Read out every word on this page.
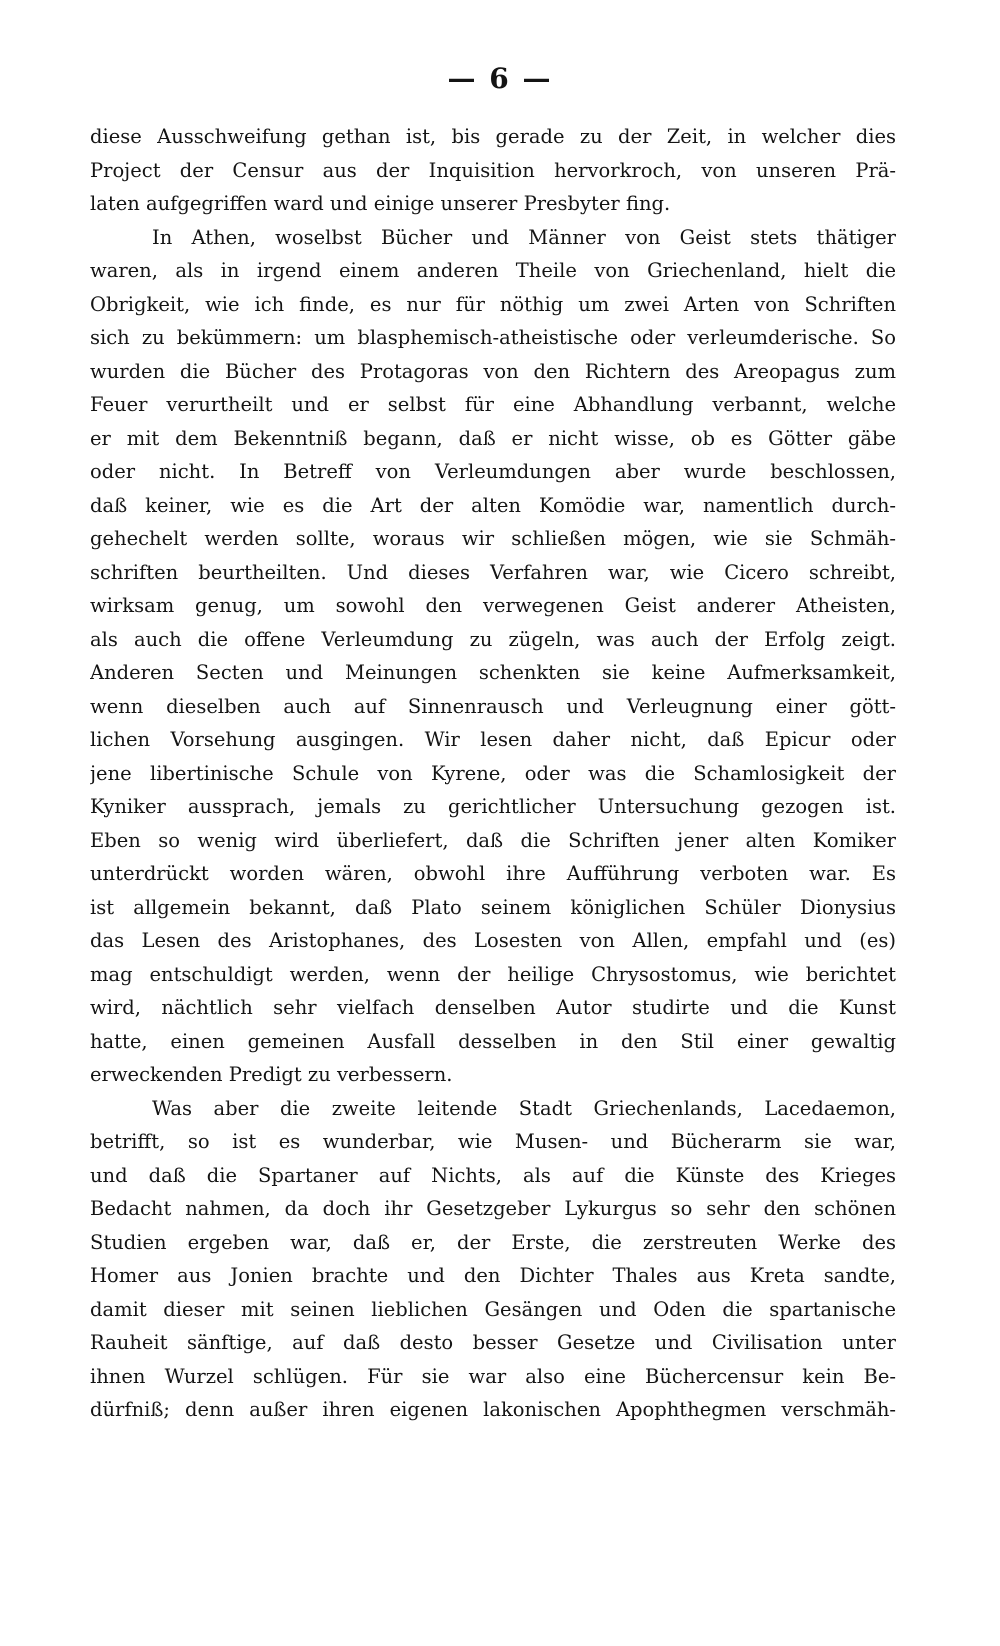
— 6 —
diese Ausschweifung gethan ist, bis gerade zu der Zeit, in welcher dies
Project der Censur aus der Inquisition hervorkroch, von unseren Prä-
laten aufgegriffen ward und einige unserer Presbyter fing.
In Athen, woselbst Bücher und Männer von Geist stets thätiger
waren, als in irgend einem anderen Theile von Griechenland, hielt die
Obrigkeit, wie ich finde, es nur für nöthig um zwei Arten von Schriften
sich zu bekümmern: um blasphemisch-atheistische oder verleumderische. So
wurden die Bücher des Protagoras von den Richtern des Areopagus zum
Feuer verurtheilt und er selbst für eine Abhandlung verbannt, welche
er mit dem Bekenntniß begann, daß er nicht wisse, ob es Götter gäbe
oder nicht. In Betreff von Verleumdungen aber wurde beschlossen,
daß keiner, wie es die Art der alten Komödie war, namentlich durch-
gehechelt werden sollte, woraus wir schließen mögen, wie sie Schmäh-
schriften beurtheilten. Und dieses Verfahren war, wie Cicero schreibt,
wirksam genug, um sowohl den verwegenen Geist anderer Atheisten,
als auch die offene Verleumdung zu zügeln, was auch der Erfolg zeigt.
Anderen Secten und Meinungen schenkten sie keine Aufmerksamkeit,
wenn dieselben auch auf Sinnenrausch und Verleugnung einer gött-
lichen Vorsehung ausgingen. Wir lesen daher nicht, daß Epicur oder
jene libertinische Schule von Kyrene, oder was die Schamlosigkeit der
Kyniker aussprach, jemals zu gerichtlicher Untersuchung gezogen ist.
Eben so wenig wird überliefert, daß die Schriften jener alten Komiker
unterdrückt worden wären, obwohl ihre Aufführung verboten war. Es
ist allgemein bekannt, daß Plato seinem königlichen Schüler Dionysius
das Lesen des Aristophanes, des Losesten von Allen, empfahl und (es)
mag entschuldigt werden, wenn der heilige Chrysostomus, wie berichtet
wird, nächtlich sehr vielfach denselben Autor studirte und die Kunst
hatte, einen gemeinen Ausfall desselben in den Stil einer gewaltig
erweckenden Predigt zu verbessern.
Was aber die zweite leitende Stadt Griechenlands, Lacedaemon,
betrifft, so ist es wunderbar, wie Musen- und Bücherarm sie war,
und daß die Spartaner auf Nichts, als auf die Künste des Krieges
Bedacht nahmen, da doch ihr Gesetzgeber Lykurgus so sehr den schönen
Studien ergeben war, daß er, der Erste, die zerstreuten Werke des
Homer aus Jonien brachte und den Dichter Thales aus Kreta sandte,
damit dieser mit seinen lieblichen Gesängen und Oden die spartanische
Rauheit sänftige, auf daß desto besser Gesetze und Civilisation unter
ihnen Wurzel schlügen. Für sie war also eine Büchercensur kein Be-
dürfniß; denn außer ihren eigenen lakonischen Apophthegmen verschmäh-
